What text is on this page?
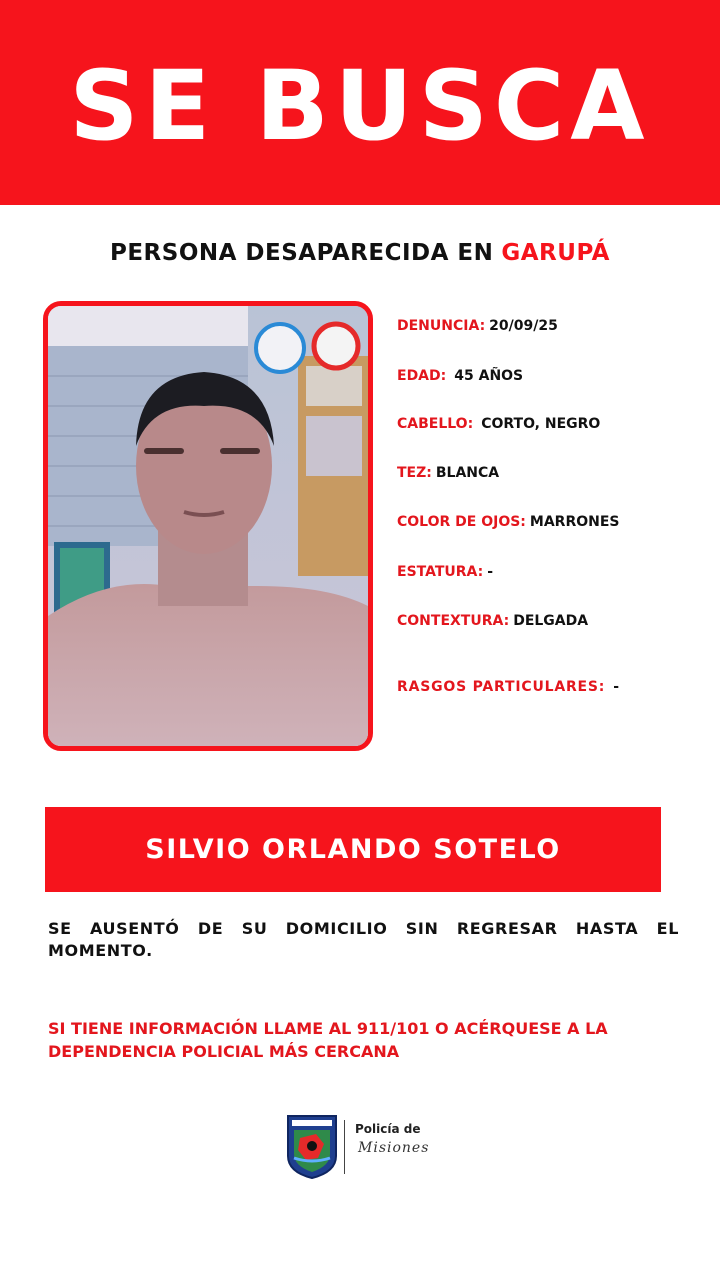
SE BUSCA
PERSONA DESAPARECIDA EN GARUPÁ
DENUNCIA: 20/09/25
EDAD: 45 AÑOS
CABELLO: CORTO, NEGRO
TEZ: BLANCA
COLOR DE OJOS: MARRONES
ESTATURA: -
CONTEXTURA: DELGADA
RASGOS PARTICULARES: -
SILVIO ORLANDO SOTELO
SE AUSENTÓ DE SU DOMICILIO SIN REGRESAR HASTA EL MOMENTO.
SI TIENE INFORMACIÓN LLAME AL 911/101 O ACÉRQUESE A LA DEPENDENCIA POLICIAL MÁS CERCANA
Policía de
Misiones
